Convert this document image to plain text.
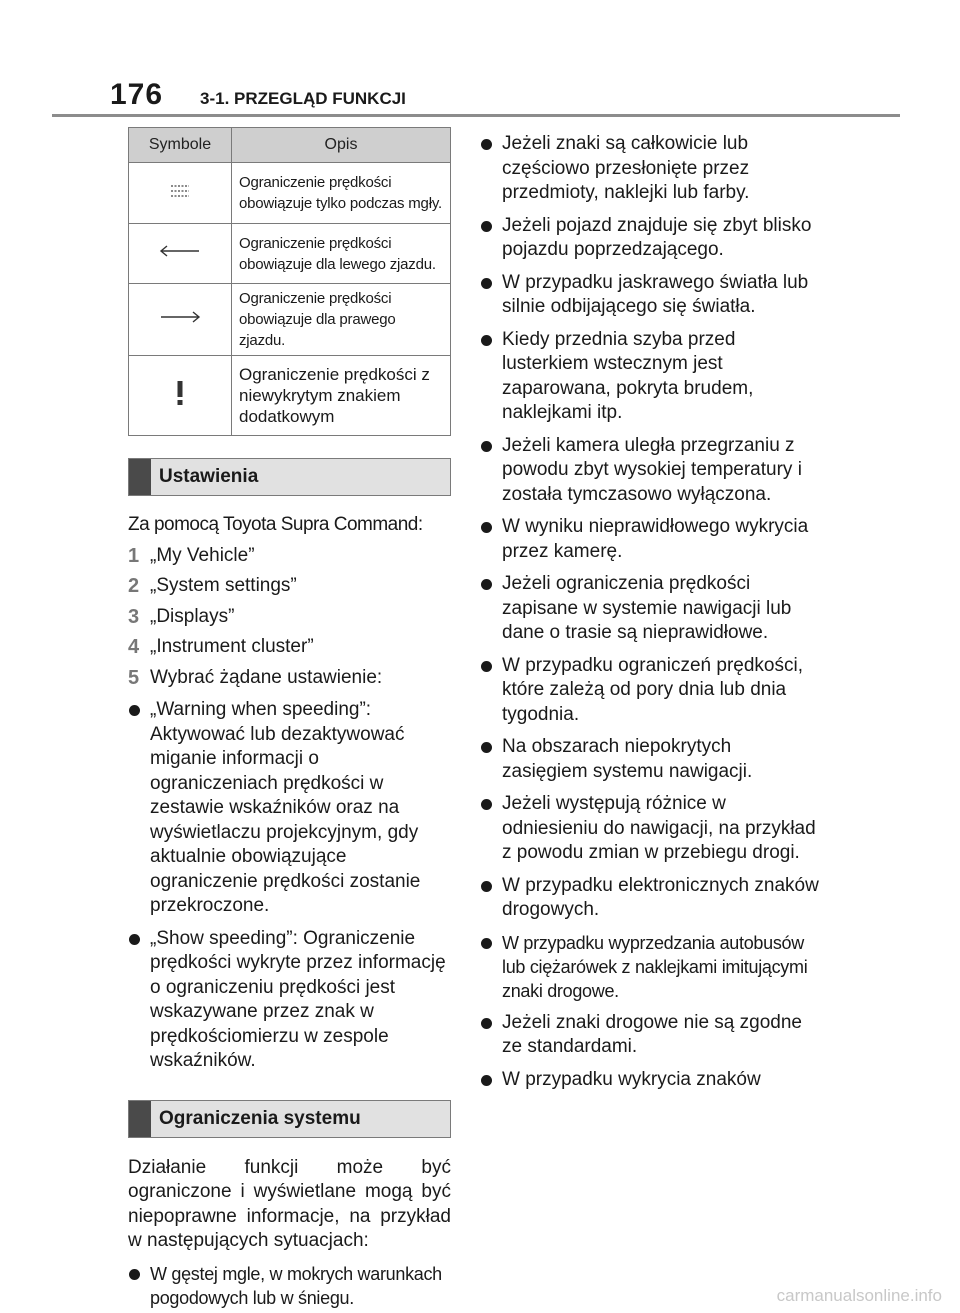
176	3-1. PRZEGLĄD FUNKCJI
Symbole	Opis
	Ograniczenie prędkości obowiązuje tylko podczas mgły.
	Ograniczenie prędkości obowiązuje dla lewego zjazdu.
	Ograniczenie prędkości obowiązuje dla prawego zjazdu.
	Ograniczenie prędkości z niewykrytym znakiem dodatkowym
Ustawienia
Za pomocą Toyota Supra Command:
1 „My Vehicle”
2 „System settings”
3 „Displays”
4 „Instrument cluster”
5 Wybrać żądane ustawienie:
„Warning when speeding”: Aktywować lub dezaktywować miganie informacji o ograniczeniach prędkości w zestawie wskaźników oraz na wyświetlaczu projekcyjnym, gdy aktualnie obowiązujące ograniczenie prędkości zostanie przekroczone.
„Show speeding”: Ograniczenie prędkości wykryte przez informację o ograniczeniu prędkości jest wskazywane przez znak w prędkościomierzu w zespole wskaźników.
Ograniczenia systemu
Działanie funkcji może być ograniczone i wyświetlane mogą być niepoprawne informacje, na przykład w następujących sytuacjach:
W gęstej mgle, w mokrych warunkach pogodowych lub w śniegu.
Jeżeli znaki są całkowicie lub częściowo przesłonięte przez przedmioty, naklejki lub farby.
Jeżeli pojazd znajduje się zbyt blisko pojazdu poprzedzającego.
W przypadku jaskrawego światła lub silnie odbijającego się światła.
Kiedy przednia szyba przed lusterkiem wstecznym jest zaparowana, pokryta brudem, naklejkami itp.
Jeżeli kamera uległa przegrzaniu z powodu zbyt wysokiej temperatury i została tymczasowo wyłączona.
W wyniku nieprawidłowego wykrycia przez kamerę.
Jeżeli ograniczenia prędkości zapisane w systemie nawigacji lub dane o trasie są nieprawidłowe.
W przypadku ograniczeń prędkości, które zależą od pory dnia lub dnia tygodnia.
Na obszarach niepokrytych zasięgiem systemu nawigacji.
Jeżeli występują różnice w odniesieniu do nawigacji, na przykład z powodu zmian w przebiegu drogi.
W przypadku elektronicznych znaków drogowych.
W przypadku wyprzedzania autobusów lub ciężarówek z naklejkami imitującymi znaki drogowe.
Jeżeli znaki drogowe nie są zgodne ze standardami.
W przypadku wykrycia znaków
carmanualsonline.info
